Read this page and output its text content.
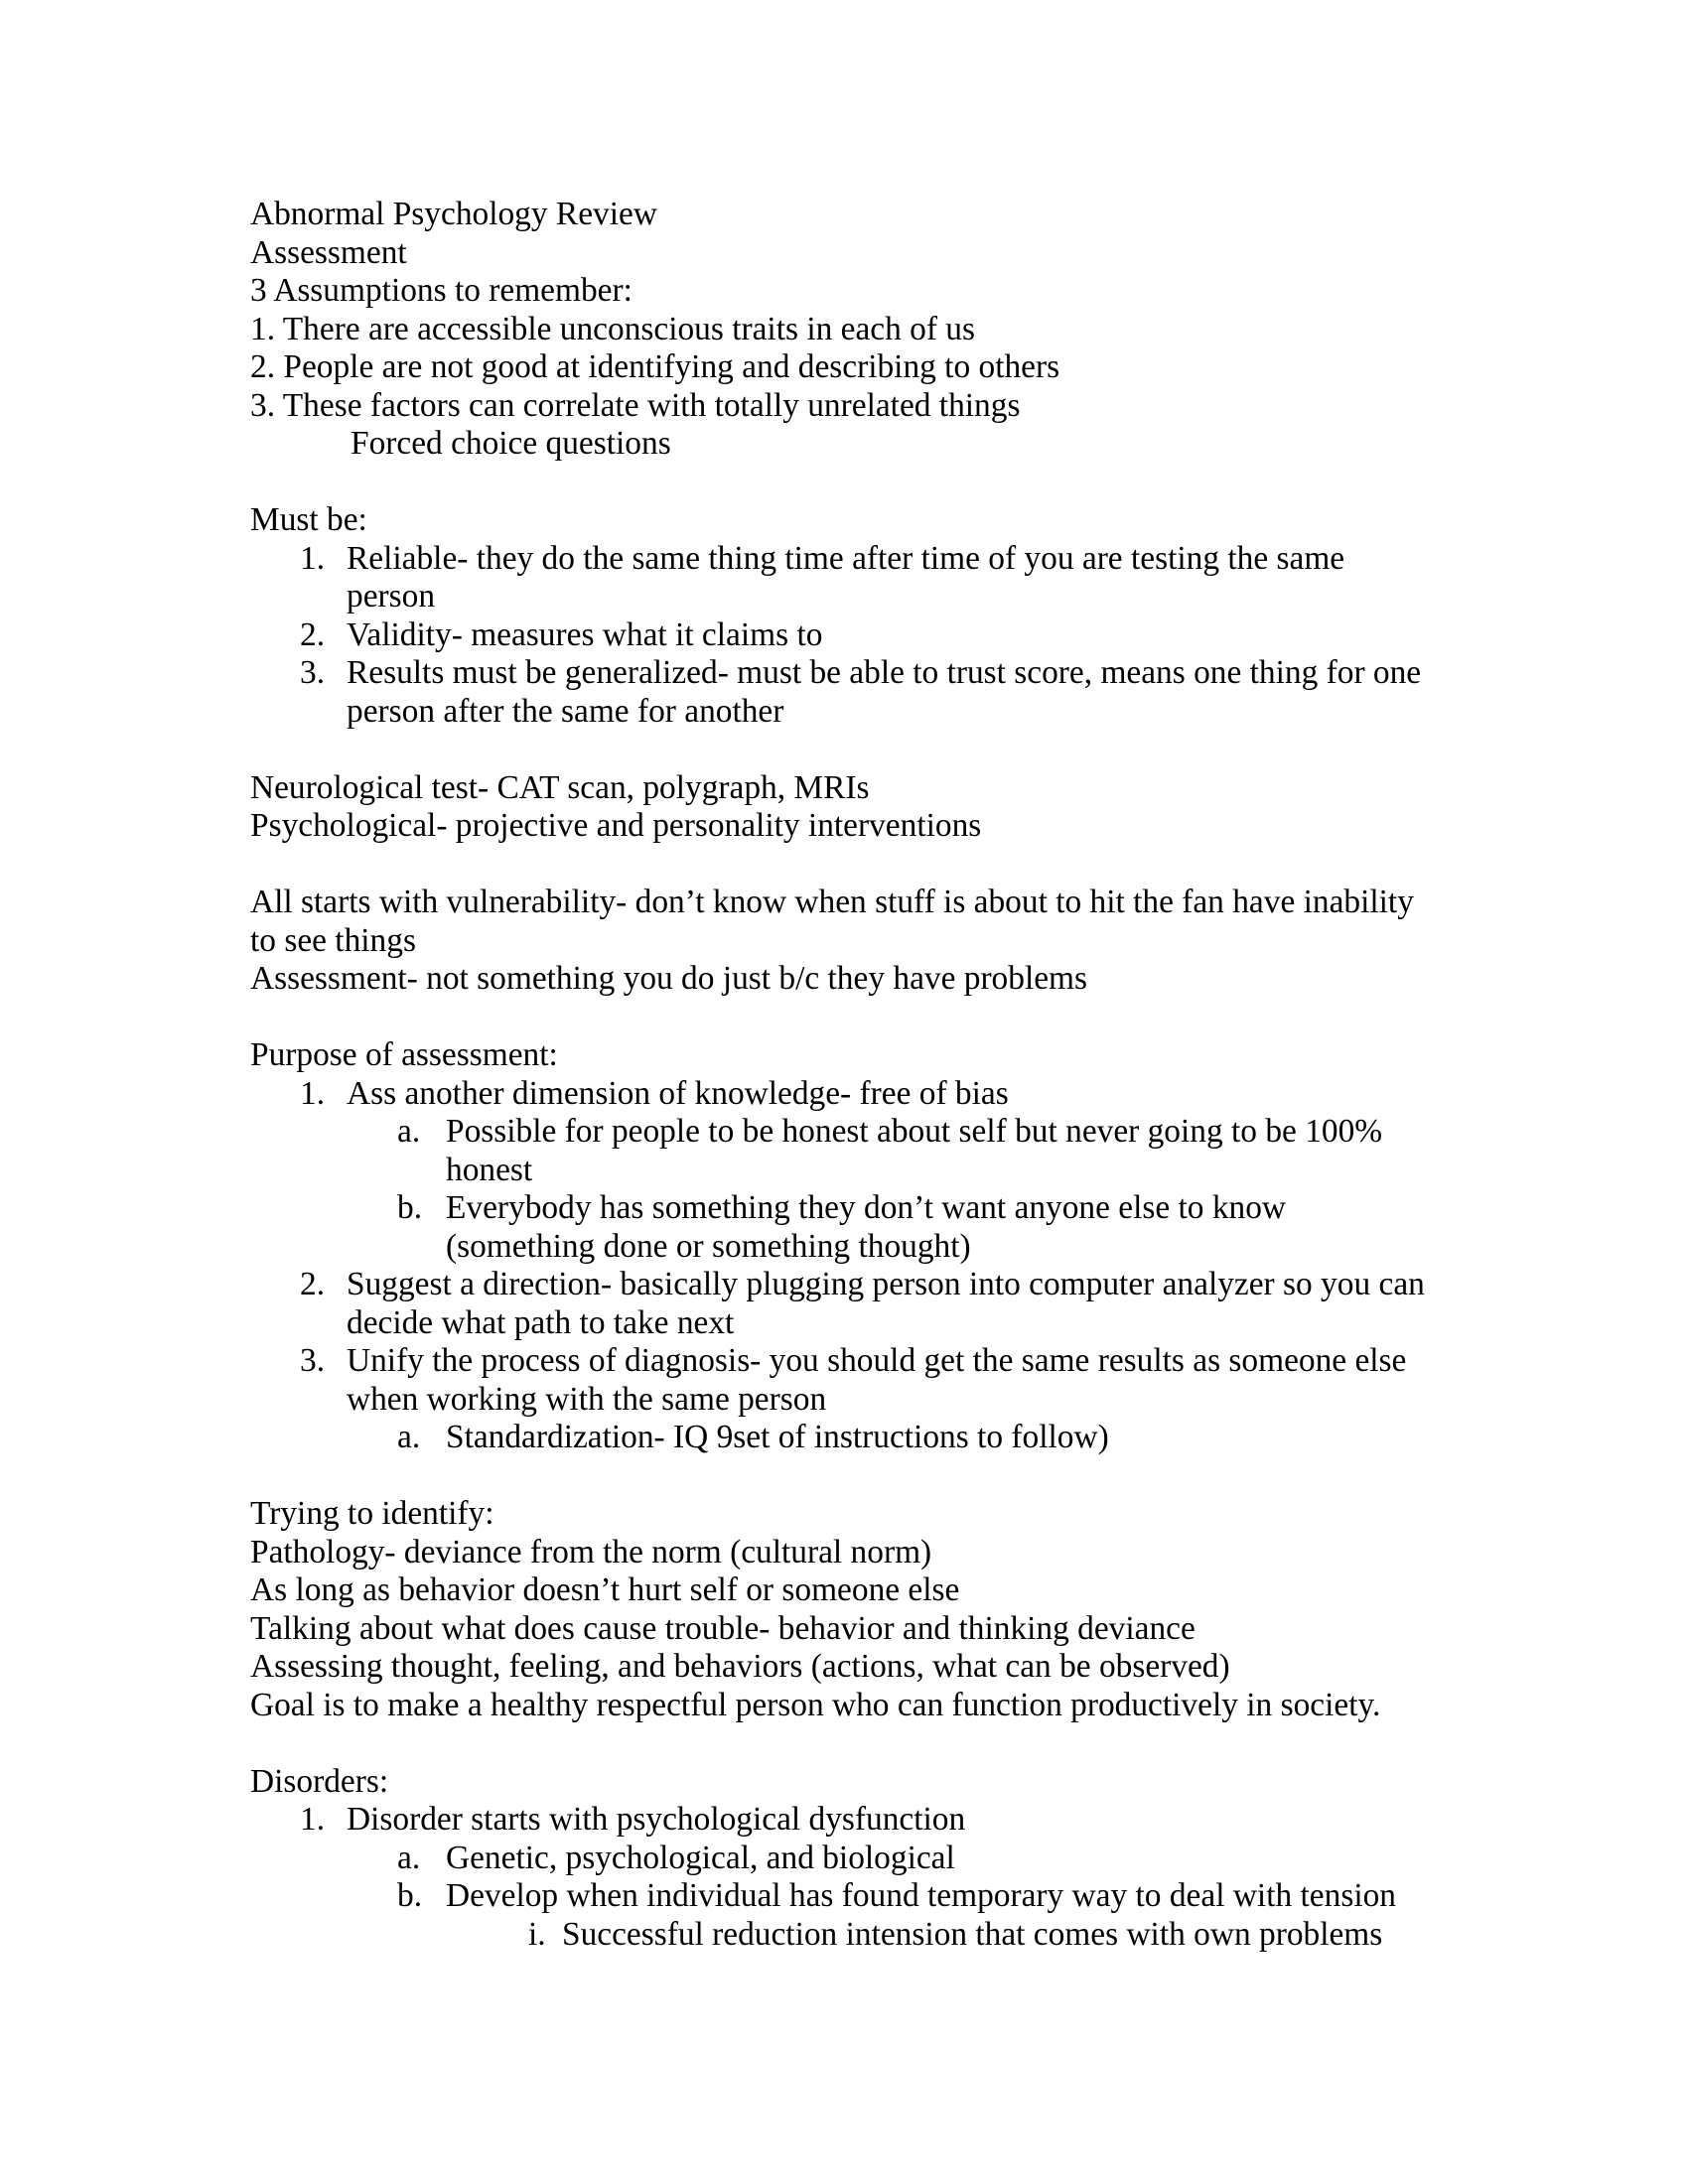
Abnormal Psychology Review
Assessment
3 Assumptions to remember:
1. There are accessible unconscious traits in each of us
2. People are not good at identifying and describing to others
3. These factors can correlate with totally unrelated things
Forced choice questions
Must be:
1. Reliable- they do the same thing time after time of you are testing the same
person
2. Validity- measures what it claims to
3. Results must be generalized- must be able to trust score, means one thing for one
person after the same for another
Neurological test- CAT scan, polygraph, MRIs
Psychological- projective and personality interventions
All starts with vulnerability- don’t know when stuff is about to hit the fan have inability
to see things
Assessment- not something you do just b/c they have problems
Purpose of assessment:
1. Ass another dimension of knowledge- free of bias
a. Possible for people to be honest about self but never going to be 100%
honest
b. Everybody has something they don’t want anyone else to know
(something done or something thought)
2. Suggest a direction- basically plugging person into computer analyzer so you can
decide what path to take next
3. Unify the process of diagnosis- you should get the same results as someone else
when working with the same person
a. Standardization- IQ 9set of instructions to follow)
Trying to identify:
Pathology- deviance from the norm (cultural norm)
As long as behavior doesn’t hurt self or someone else
Talking about what does cause trouble- behavior and thinking deviance
Assessing thought, feeling, and behaviors (actions, what can be observed)
Goal is to make a healthy respectful person who can function productively in society.
Disorders:
1. Disorder starts with psychological dysfunction
a. Genetic, psychological, and biological
b. Develop when individual has found temporary way to deal with tension
i. Successful reduction intension that comes with own problems
